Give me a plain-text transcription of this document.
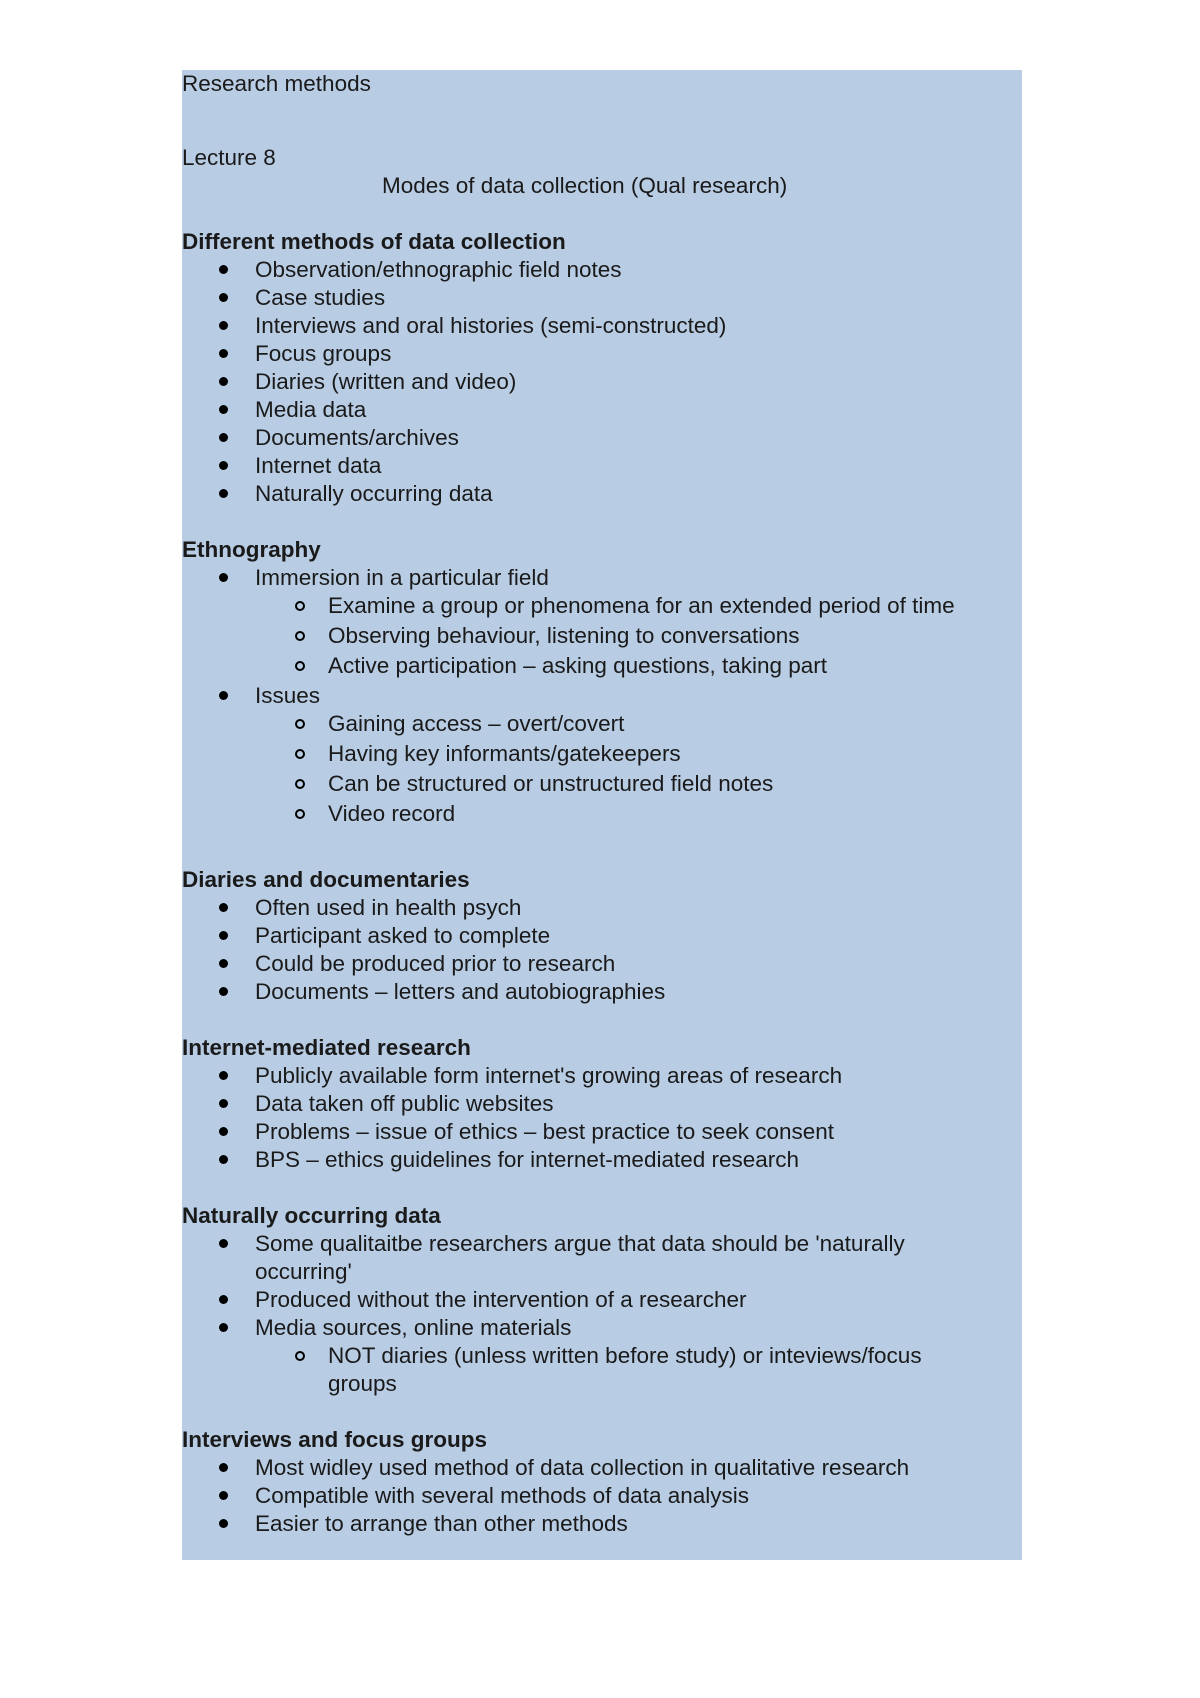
Research methods
Lecture 8
Modes of data collection (Qual research)
Different methods of data collection
Observation/ethnographic field notes
Case studies
Interviews and oral histories (semi-constructed)
Focus groups
Diaries (written and video)
Media data
Documents/archives
Internet data
Naturally occurring data
Ethnography
Immersion in a particular field
Examine a group or phenomena for an extended period of time
Observing behaviour, listening to conversations
Active participation – asking questions, taking part
Issues
Gaining access – overt/covert
Having key informants/gatekeepers
Can be structured or unstructured field notes
Video record
Diaries and documentaries
Often used in health psych
Participant asked to complete
Could be produced prior to research
Documents – letters and autobiographies
Internet-mediated research
Publicly available form internet's growing areas of research
Data taken off public websites
Problems – issue of ethics – best practice to seek consent
BPS – ethics guidelines for internet-mediated research
Naturally occurring data
Some qualitaitbe researchers argue that data should be 'naturally
occurring'
Produced without the intervention of a researcher
Media sources, online materials
NOT diaries (unless written before study) or inteviews/focus
groups
Interviews and focus groups
Most widley used method of data collection in qualitative research
Compatible with several methods of data analysis
Easier to arrange than other methods
